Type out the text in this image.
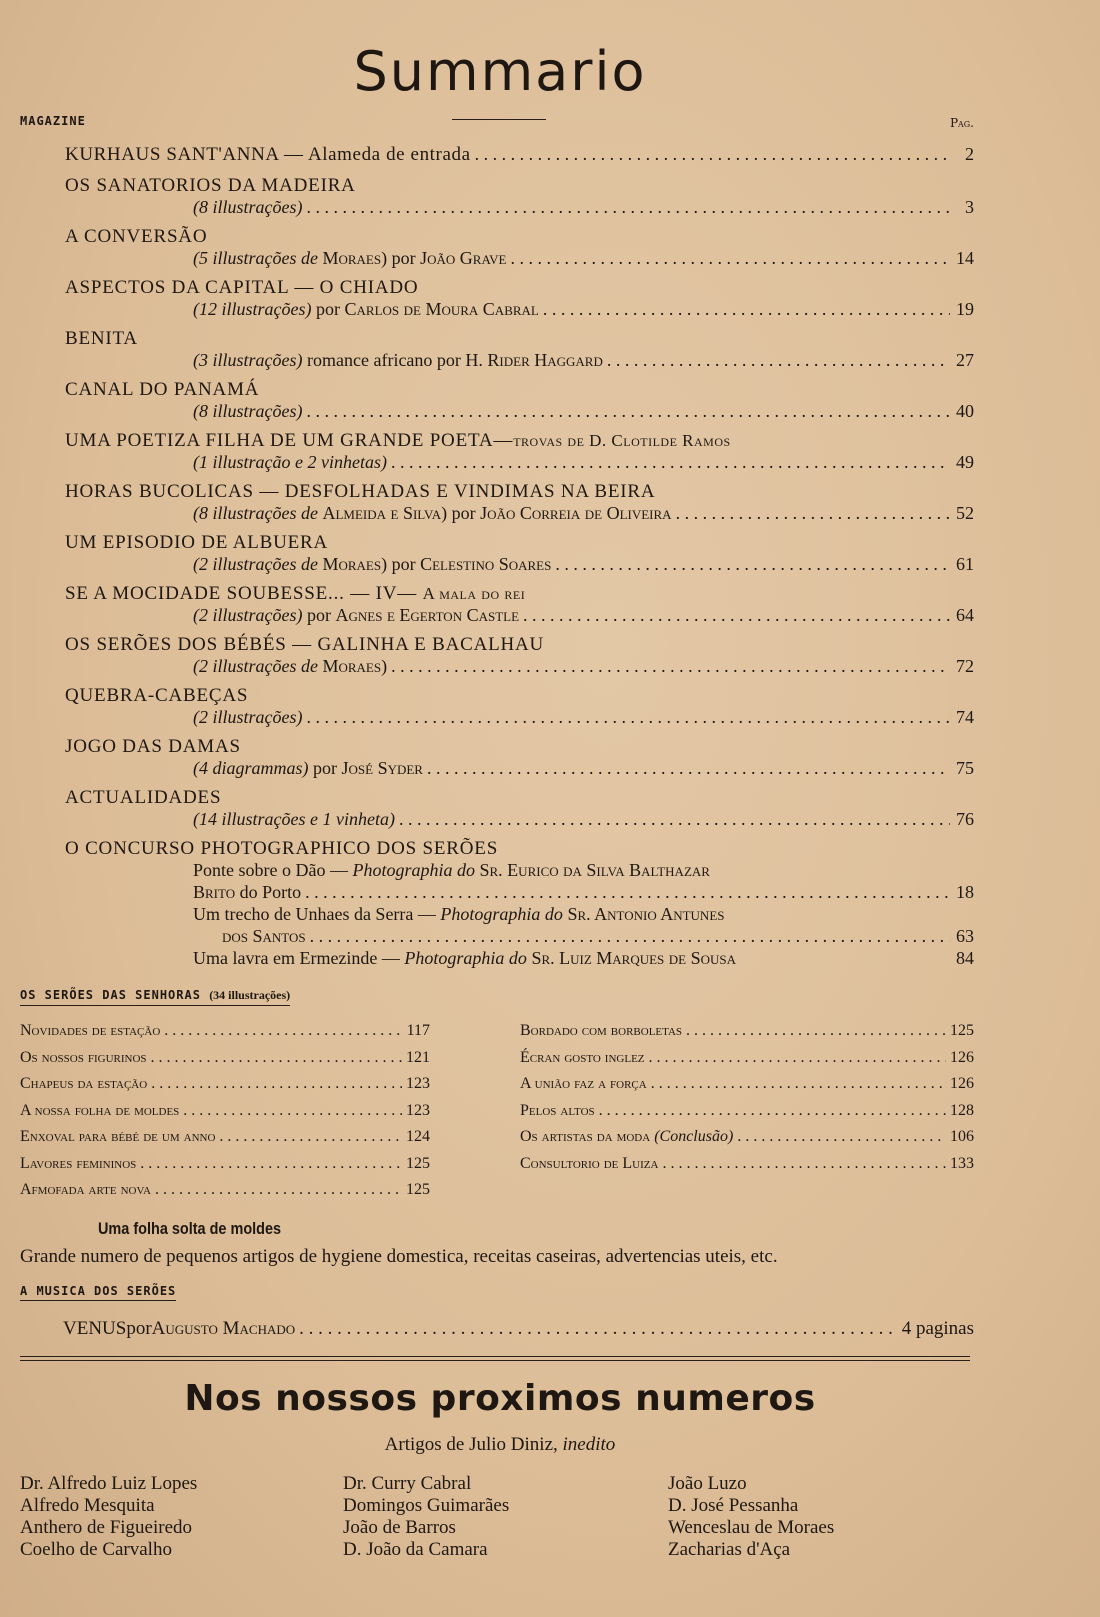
Summario
MAGAZINE	Pag.
KURHAUS SANT'ANNA — Alameda de entrada . . .	2
OS SANATORIOS DA MADEIRA
(8 illustrações) . . .	3
A CONVERSÃO
(5 illustrações de Moraes) por João Grave . . .	14
ASPECTOS DA CAPITAL — O CHIADO
(12 illustrações) por Carlos de Moura Cabral . . .	19
BENITA
(3 illustrações) romance africano por H. Rider Haggard . . .	27
CANAL DO PANAMÁ
(8 illustrações) . . .	40
UMA POETIZA FILHA DE UM GRANDE POETA—trovas de D. Clotilde Ramos
(1 illustração e 2 vinhetas) . . .	49
HORAS BUCOLICAS — DESFOLHADAS E VINDIMAS NA BEIRA
(8 illustrações de Almeida e Silva) por João Correia de Oliveira . . .	52
UM EPISODIO DE ALBUERA
(2 illustrações de Moraes) por Celestino Soares . . .	61
SE A MOCIDADE SOUBESSE... — IV— A mala do rei
(2 illustrações) por Agnes e Egerton Castle . . .	64
OS SERÕES DOS BÉBÉS — GALINHA E BACALHAU
(2 illustrações de Moraes) . . .	72
QUEBRA-CABEÇAS
(2 illustrações) . . .	74
JOGO DAS DAMAS
(4 diagrammas) por José Syder . . .	75
ACTUALIDADES
(14 illustrações e 1 vinheta) . . .	76
O CONCURSO PHOTOGRAPHICO DOS SERÕES
Ponte sobre o Dão — Photographia do Sr. Eurico da Silva Balthazar
Brito do Porto . . .	18
Um trecho de Unhaes da Serra — Photographia do Sr. Antonio Antunes
dos Santos . . .	63
Uma lavra em Ermezinde — Photographia do Sr. Luiz Marques de Sousa	84
OS SERÕES DAS SENHORAS (34 illustrações)
Novidades de estação . . .	117
Os nossos figurinos . . .	121
Chapeus da estação . . .	123
A nossa folha de moldes . . .	123
Enxoval para bébé de um anno . . .	124
Lavores femininos . . .	125
Afmofada arte nova . . .	125
Bordado com borboletas . . .	125
Écran gosto inglez . . .	126
A união faz a força . . .	126
Pelos altos . . .	128
Os artistas da moda (Conclusão) . . .	106
Consultorio de Luiza . . .	133
Uma folha solta de moldes
Grande numero de pequenos artigos de hygiene domestica, receitas caseiras, advertencias uteis, etc.
A MUSICA DOS SERÕES
VENUS por Augusto Machado . . .	4 paginas
Nos nossos proximos numeros
Artigos de Julio Diniz, inedito
Dr. Alfredo Luiz Lopes
Alfredo Mesquita
Anthero de Figueiredo
Coelho de Carvalho
Dr. Curry Cabral
Domingos Guimarães
João de Barros
D. João da Camara
João Luzo
D. José Pessanha
Wenceslau de Moraes
Zacharias d'Aça
